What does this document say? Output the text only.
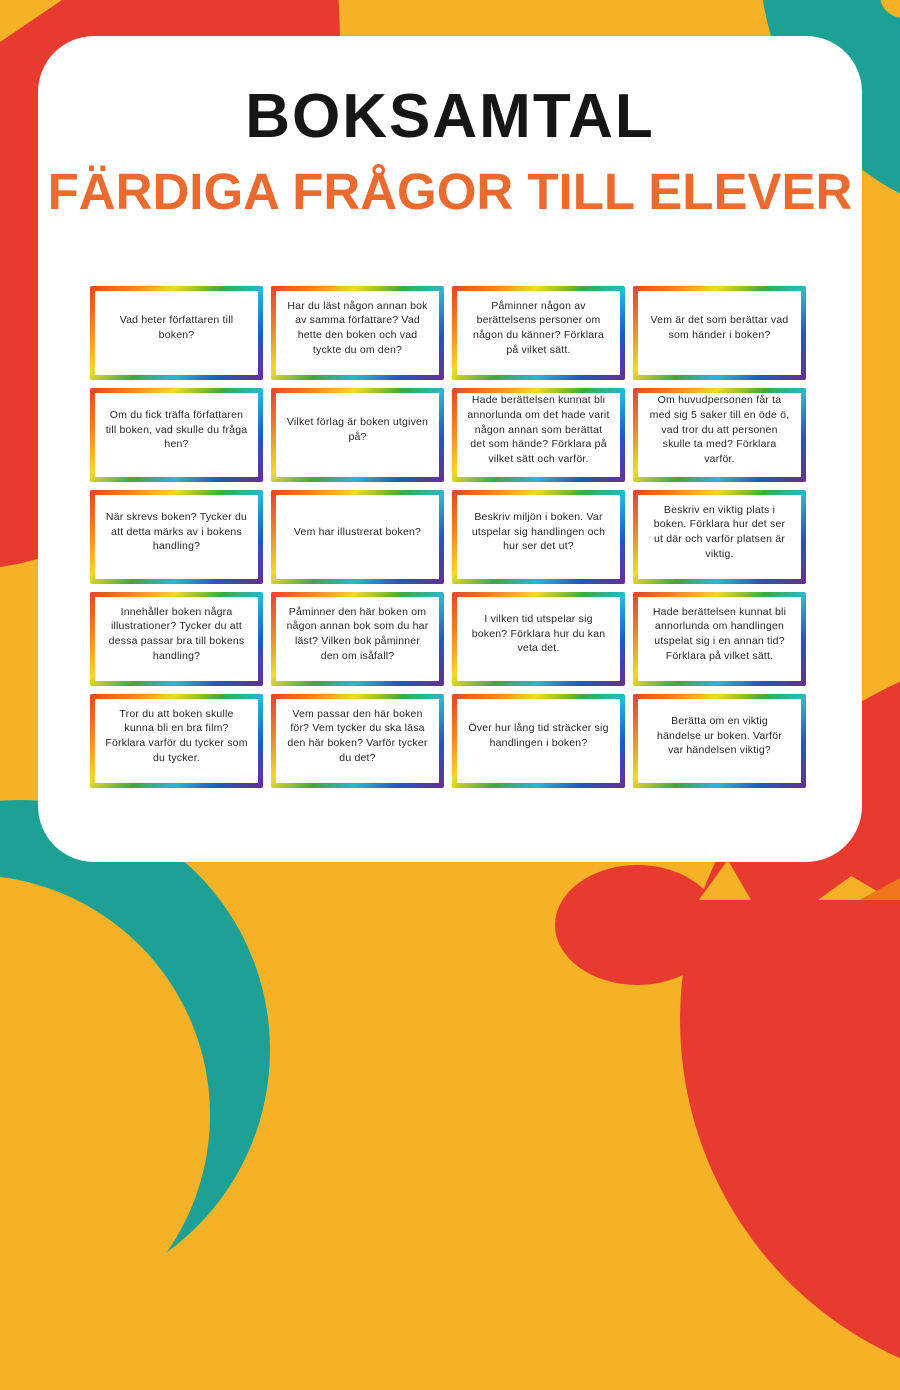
BOKSAMTAL
FÄRDIGA FRÅGOR TILL ELEVER
Vad heter författaren till boken?
Har du läst någon annan bok av samma författare? Vad hette den boken och vad tyckte du om den?
Påminner någon av berättelsens personer om någon du känner? Förklara på vilket sätt.
Vem är det som berättar vad som händer i boken?
Om du fick träffa författaren till boken, vad skulle du fråga hen?
Vilket förlag är boken utgiven på?
Hade berättelsen kunnat bli annorlunda om det hade varit någon annan som berättat det som hände? Förklara på vilket sätt och varför.
Om huvudpersonen får ta med sig 5 saker till en öde ö, vad tror du att personen skulle ta med? Förklara varför.
När skrevs boken? Tycker du att detta märks av i bokens handling?
Vem har illustrerat boken?
Beskriv miljön i boken. Var utspelar sig handlingen och hur ser det ut?
Beskriv en viktig plats i boken. Förklara hur det ser ut där och varför platsen är viktig.
Innehåller boken några illustrationer? Tycker du att dessa passar bra till bokens handling?
Påminner den här boken om någon annan bok som du har läst? Vilken bok påminner den om isåfall?
I vilken tid utspelar sig boken? Förklara hur du kan veta det.
Hade berättelsen kunnat bli annorlunda om handlingen utspelat sig i en annan tid? Förklara på vilket sätt.
Tror du att boken skulle kunna bli en bra film? Förklara varför du tycker som du tycker.
Vem passar den här boken för? Vem tycker du ska läsa den här boken? Varför tycker du det?
Över hur lång tid sträcker sig handlingen i boken?
Berätta om en viktig händelse ur boken. Varför var händelsen viktig?
